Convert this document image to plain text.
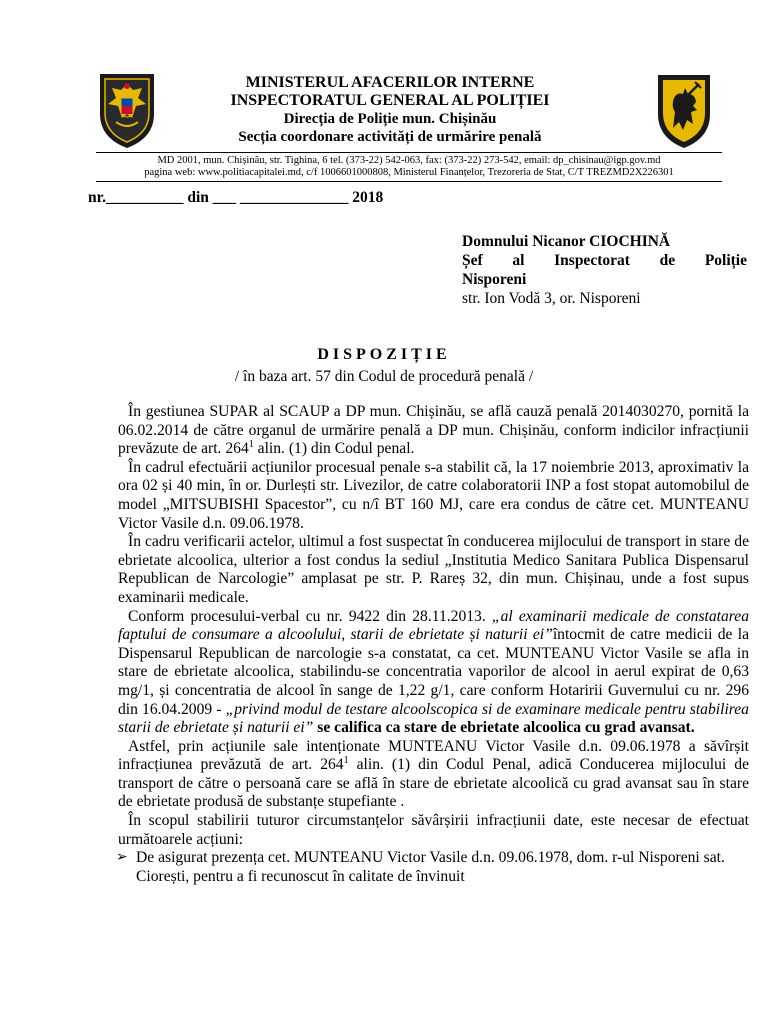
MINISTERUL AFACERILOR INTERNE
INSPECTORATUL GENERAL AL POLIȚIEI
Direcția de Poliție mun. Chișinău
Secția coordonare activități de urmărire penală
MD 2001, mun. Chișinău, str. Tighina, 6 tel. (373-22) 542-063, fax: (373-22) 273-542, email: dp_chisinau@igp.gov.md
pagina web: www.politiacapitalei.md, c/f 1006601000808, Ministerul Finanțelor, Trezoreria de Stat, C/T TREZMD2X226301
nr.__________ din ___ ______________ 2018
Domnului Nicanor CIOCHINĂ
Șef al Inspectorat de Poliție
Nisporeni
str. Ion Vodă 3, or. Nisporeni
DISPOZIȚIE
/ în baza art. 57 din Codul de procedură penală /

În gestiunea SUPAR al SCAUP a DP mun. Chișinău, se află cauză penală 2014030270, pornită la 06.02.2014 de către organul de urmărire penală a DP mun. Chișinău, conform indicilor infracțiunii prevăzute de art. $264^1$ alin. (1) din Codul penal.

În cadrul efectuării acțiunilor procesual penale s-a stabilit că, la 17 noiembrie 2013, aproximativ la ora 02 și 40 min, în or. Durlești str. Livezilor, de catre colaboratorii INP a fost stopat automobilul de model „MITSUBISHI Spacestor”, cu n/î BT 160 MJ, care era condus de către cet. MUNTEANU Victor Vasile d.n. 09.06.1978.

În cadru verificarii actelor, ultimul a fost suspectat în conducerea mijlocului de transport in stare de ebrietate alcoolica, ulterior a fost condus la sediul „Institutia Medico Sanitara Publica Dispensarul Republican de Narcologie” amplasat pe str. P. Rareș 32, din mun. Chișinau, unde a fost supus examinarii medicale.

Conform procesului-verbal cu nr. 9422 din 28.11.2013. „al examinarii medicale de constatarea faptului de consumare a alcoolului, starii de ebrietate și naturii ei”întocmit de catre medicii de la Dispensarul Republican de narcologie s-a constatat, ca cet. MUNTEANU Victor Vasile se afla in stare de ebrietate alcoolica, stabilindu-se concentratia vaporilor de alcool in aerul expirat de 0,63 mg/1, și concentratia de alcool în sange de 1,22 g/1, care conform Hotaririi Guvernului cu nr. 296 din 16.04.2009 - „privind modul de testare alcoolscopica si de examinare medicale pentru stabilirea starii de ebrietate și naturii ei” se califica ca stare de ebrietate alcoolica cu grad avansat.

Astfel, prin acțiunile sale intenționate MUNTEANU Victor Vasile d.n. 09.06.1978 a săvîrșit infracțiunea prevăzută de art. $264^1$ alin. (1) din Codul Penal, adică Conducerea mijlocului de transport de către o persoană care se află în stare de ebrietate alcoolică cu grad avansat sau în stare de ebrietate produsă de substanțe stupefiante .

În scopul stabilirii tuturor circumstanțelor săvârșirii infracțiunii date, este necesar de efectuat următoarele acțiuni:

➢ De asigurat prezența cet. MUNTEANU Victor Vasile d.n. 09.06.1978, dom. r-ul Nisporeni sat. Ciorești, pentru a fi recunoscut în calitate de învinuit
